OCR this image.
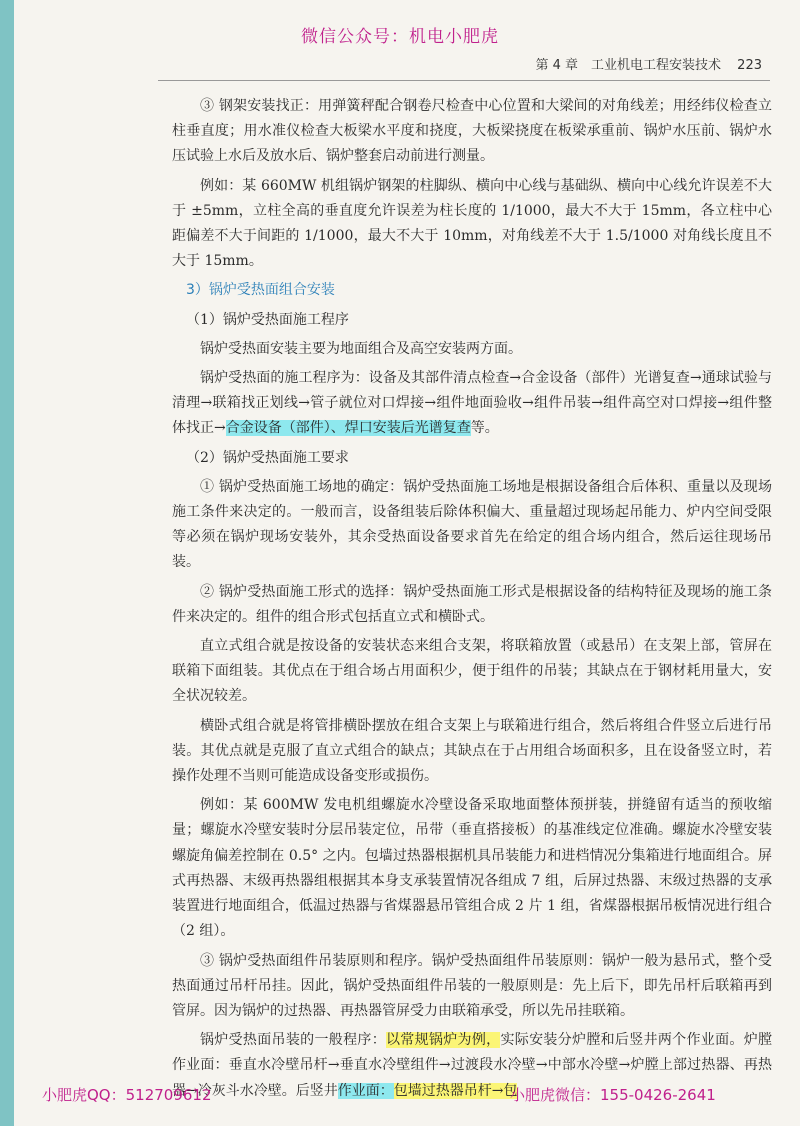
微信公众号：机电小肥虎
第 4 章　工业机电工程安装技术 223

③ 钢架安装找正：用弹簧秤配合钢卷尺检查中心位置和大梁间的对角线差；用经纬仪检查立柱垂直度；用水准仪检查大板梁水平度和挠度，大板梁挠度在板梁承重前、锅炉水压前、锅炉水压试验上水后及放水后、锅炉整套启动前进行测量。

例如：某 660MW 机组锅炉钢架的柱脚纵、横向中心线与基础纵、横向中心线允许误差不大于 ±5mm，立柱全高的垂直度允许误差为柱长度的 1/1000，最大不大于 15mm，各立柱中心距偏差不大于间距的 1/1000，最大不大于 10mm，对角线差不大于 1.5/1000 对角线长度且不大于 15mm。

3）锅炉受热面组合安装

（1）锅炉受热面施工程序

锅炉受热面安装主要为地面组合及高空安装两方面。

锅炉受热面的施工程序为：设备及其部件清点检查→合金设备（部件）光谱复查→通球试验与清理→联箱找正划线→管子就位对口焊接→组件地面验收→组件吊装→组件高空对口焊接→组件整体找正→合金设备（部件）、焊口安装后光谱复查等。

（2）锅炉受热面施工要求

① 锅炉受热面施工场地的确定：锅炉受热面施工场地是根据设备组合后体积、重量以及现场施工条件来决定的。一般而言，设备组装后除体积偏大、重量超过现场起吊能力、炉内空间受限等必须在锅炉现场安装外，其余受热面设备要求首先在给定的组合场内组合，然后运往现场吊装。

② 锅炉受热面施工形式的选择：锅炉受热面施工形式是根据设备的结构特征及现场的施工条件来决定的。组件的组合形式包括直立式和横卧式。

直立式组合就是按设备的安装状态来组合支架，将联箱放置（或悬吊）在支架上部，管屏在联箱下面组装。其优点在于组合场占用面积少，便于组件的吊装；其缺点在于钢材耗用量大，安全状况较差。

横卧式组合就是将管排横卧摆放在组合支架上与联箱进行组合，然后将组合件竖立后进行吊装。其优点就是克服了直立式组合的缺点；其缺点在于占用组合场面积多，且在设备竖立时，若操作处理不当则可能造成设备变形或损伤。

例如：某 600MW 发电机组螺旋水冷壁设备采取地面整体预拼装，拼缝留有适当的预收缩量；螺旋水冷壁安装时分层吊装定位，吊带（垂直搭接板）的基准线定位准确。螺旋水冷壁安装螺旋角偏差控制在 0.5° 之内。包墙过热器根据机具吊装能力和进档情况分集箱进行地面组合。屏式再热器、末级再热器组根据其本身支承装置情况各组成 7 组，后屏过热器、末级过热器的支承装置进行地面组合，低温过热器与省煤器悬吊管组合成 2 片 1 组，省煤器根据吊板情况进行组合（2 组）。

③ 锅炉受热面组件吊装原则和程序。锅炉受热面组件吊装原则：锅炉一般为悬吊式，整个受热面通过吊杆吊挂。因此，锅炉受热面组件吊装的一般原则是：先上后下，即先吊杆后联箱再到管屏。因为锅炉的过热器、再热器管屏受力由联箱承受，所以先吊挂联箱。

锅炉受热面吊装的一般程序：以常规锅炉为例，实际安装分炉膛和后竖井两个作业面。炉膛作业面：垂直水冷壁吊杆→垂直水冷壁组件→过渡段水冷壁→中部水冷壁→炉膛上部过热器、再热器→冷灰斗水冷壁。后竖井作业面：包墙过热器吊杆→包

小肥虎QQ：512709612	小肥虎微信：155-0426-2641
